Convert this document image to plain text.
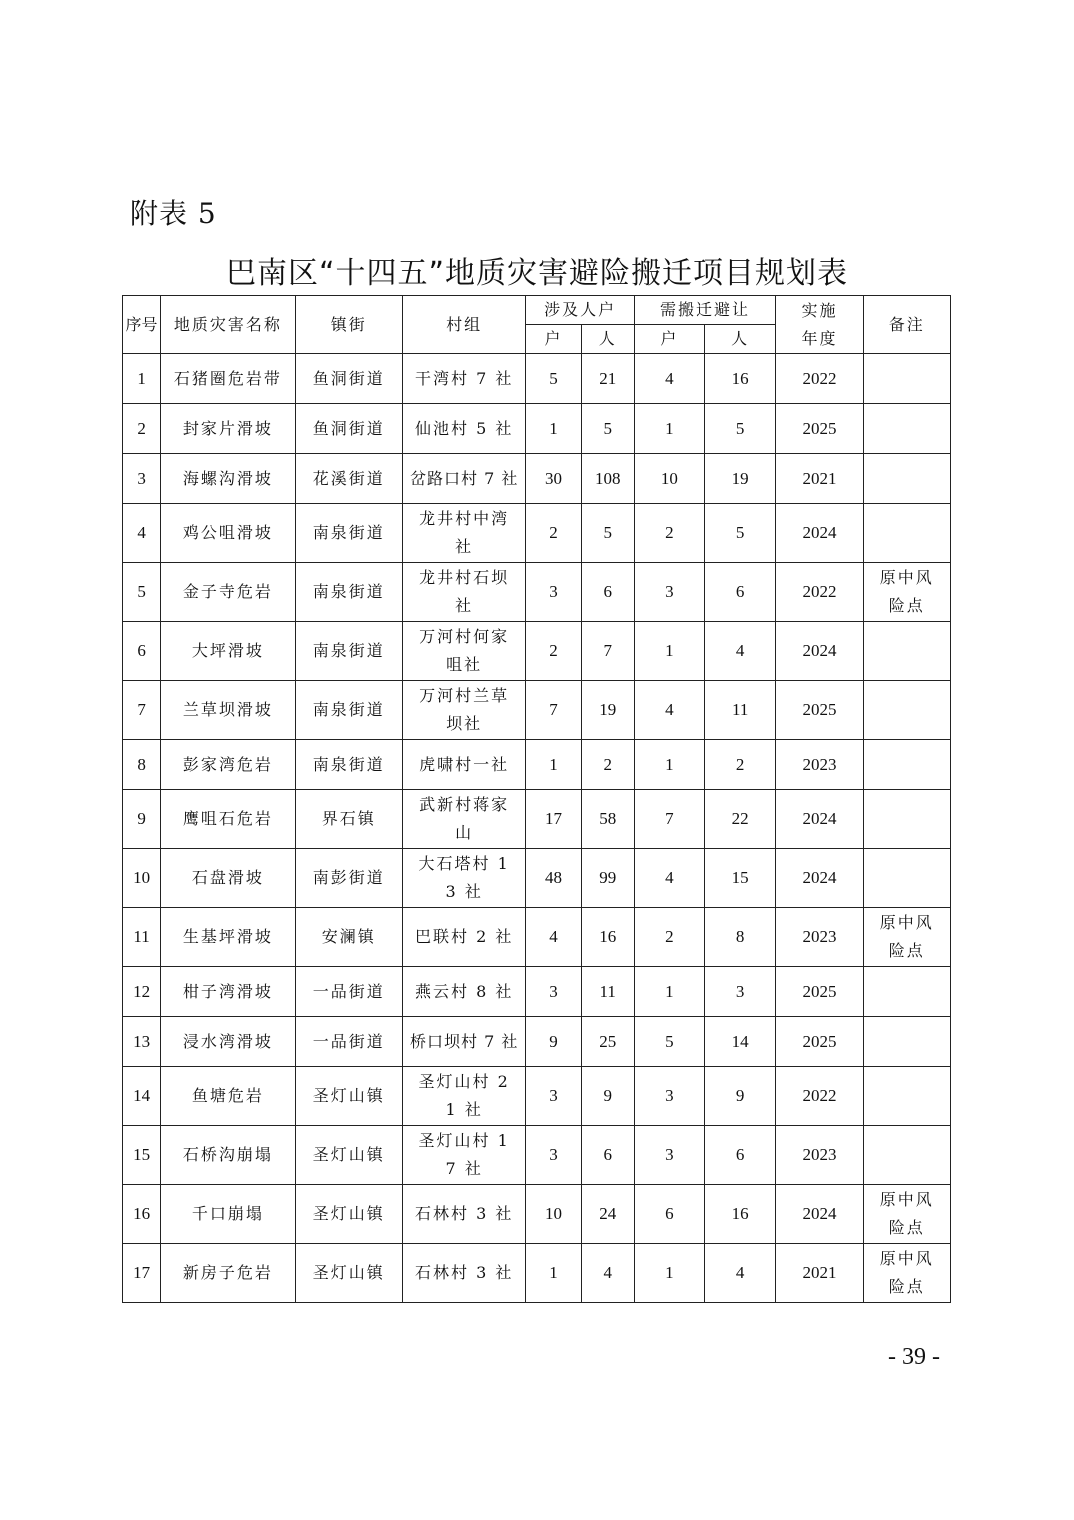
附表 5
巴南区“十四五”地质灾害避险搬迁项目规划表
序号	地质灾害名称	镇街	村组	涉及人户		需搬迁避让		实施年度	备注
				户	人	户	人		
1	石猪圈危岩带	鱼洞街道	干湾村 7 社	5	21	4	16	2022	
2	封家片滑坡	鱼洞街道	仙池村 5 社	1	5	1	5	2025	
3	海螺沟滑坡	花溪街道	岔路口村 7 社	30	108	10	19	2021	
4	鸡公咀滑坡	南泉街道	龙井村中湾社	2	5	2	5	2024	
5	金子寺危岩	南泉街道	龙井村石坝社	3	6	3	6	2022	原中风险点
6	大坪滑坡	南泉街道	万河村何家咀社	2	7	1	4	2024	
7	兰草坝滑坡	南泉街道	万河村兰草坝社	7	19	4	11	2025	
8	彭家湾危岩	南泉街道	虎啸村一社	1	2	1	2	2023	
9	鹰咀石危岩	界石镇	武新村蒋家山	17	58	7	22	2024	
10	石盘滑坡	南彭街道	大石塔村 13 社	48	99	4	15	2024	
11	生基坪滑坡	安澜镇	巴联村 2 社	4	16	2	8	2023	原中风险点
12	柑子湾滑坡	一品街道	燕云村 8 社	3	11	1	3	2025	
13	浸水湾滑坡	一品街道	桥口坝村 7 社	9	25	5	14	2025	
14	鱼塘危岩	圣灯山镇	圣灯山村 21 社	3	9	3	9	2022	
15	石桥沟崩塌	圣灯山镇	圣灯山村 17 社	3	6	3	6	2023	
16	千口崩塌	圣灯山镇	石林村 3 社	10	24	6	16	2024	原中风险点
17	新房子危岩	圣灯山镇	石林村 3 社	1	4	1	4	2021	原中风险点
- 39 -
